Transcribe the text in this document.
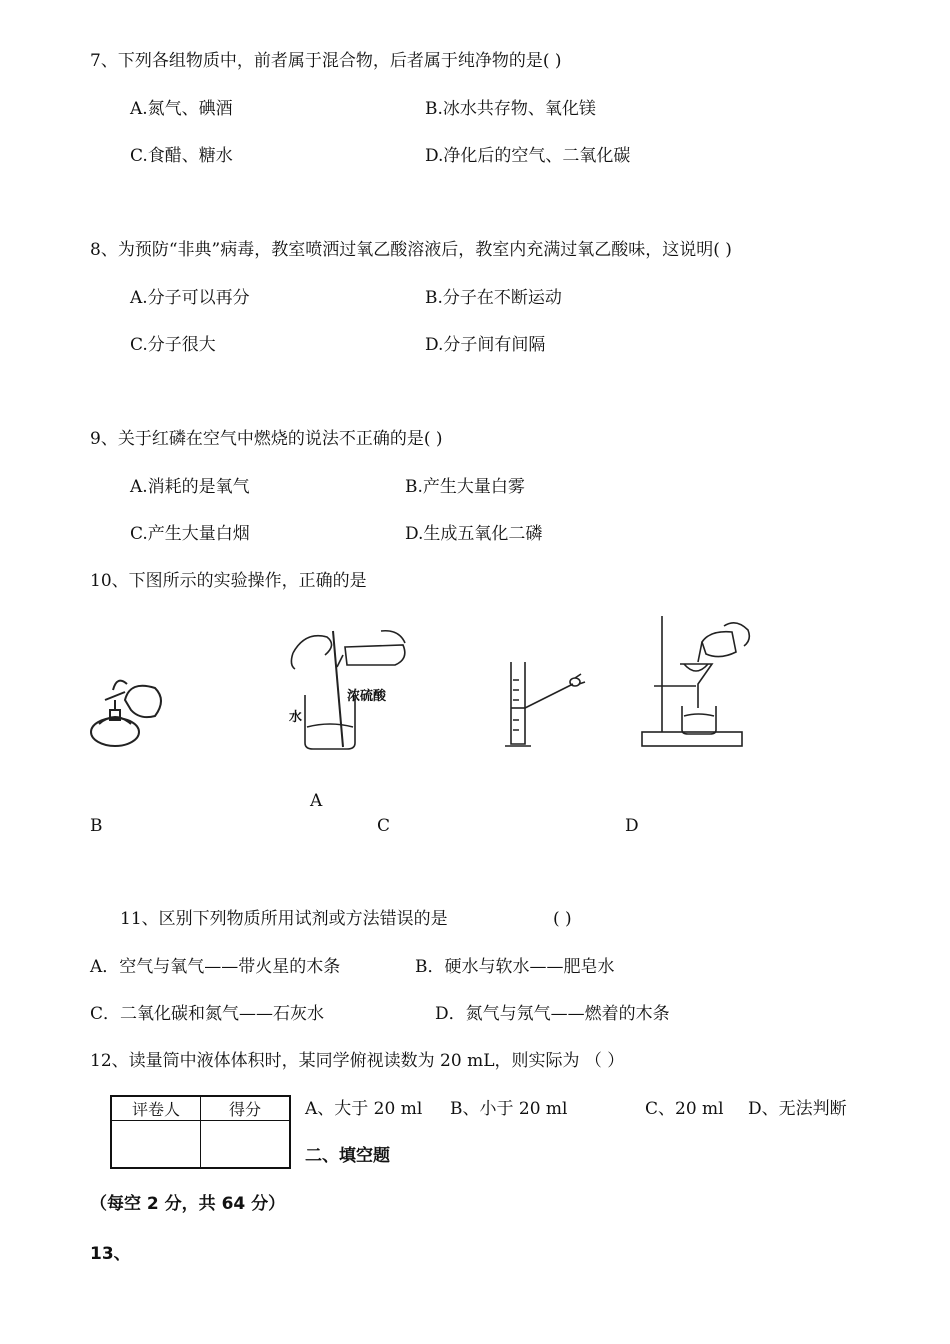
7、下列各组物质中，前者属于混合物，后者属于纯净物的是( )
A.氮气、碘酒	B.冰水共存物、氧化镁
C.食醋、糖水	D.净化后的空气、二氧化碳
8、为预防“非典”病毒，教室喷洒过氧乙酸溶液后，教室内充满过氧乙酸味，这说明( )
A.分子可以再分	B.分子在不断运动
C.分子很大	D.分子间有间隔
9、关于红磷在空气中燃烧的说法不正确的是( )
A.消耗的是氧气	B.产生大量白雾
C.产生大量白烟	D.生成五氧化二磷
10、下图所示的实验操作，正确的是
浓硫酸
水
A
B	C	D
11、区别下列物质所用试剂或方法错误的是	( )
A．空气与氧气——带火星的木条	B．硬水与软水——肥皂水
C．二氧化碳和氮气——石灰水	D．氮气与氖气——燃着的木条
12、读量筒中液体体积时，某同学俯视读数为 20 mL，则实际为 （ ）
评卷人	得分
		A、大于 20 ml B、小于 20 ml	C、20 ml D、无法判断
二、填空题
（每空 2 分，共 64 分）
13、
